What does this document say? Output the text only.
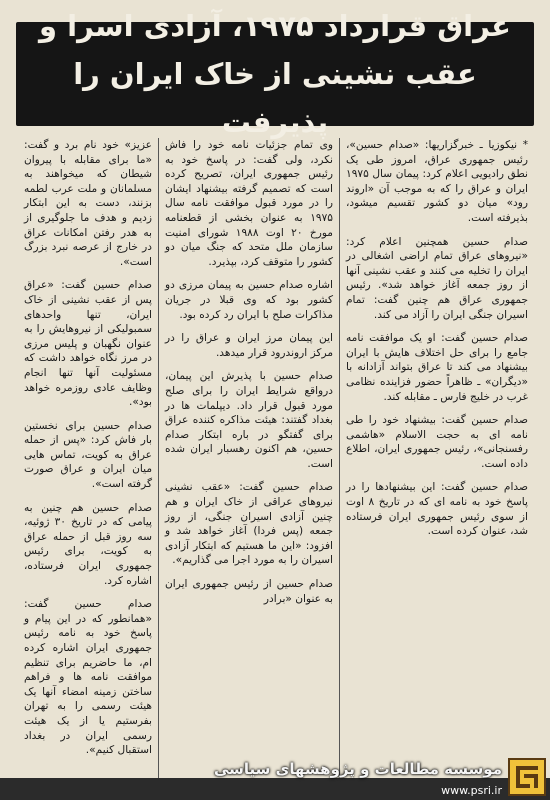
عراق قرارداد ۱۹۷۵، آزادی اسرا و
عقب نشینی از خاک ایران را پذیرفت

* نیکوزیا ـ خبرگزاریها: «صدام حسین»، رئیس جمهوری عراق، امروز طی یک نطق رادیویی اعلام کرد: پیمان سال ۱۹۷۵ ایران و عراق را که به موجب آن «اروند رود» میان دو کشور تقسیم میشود، بذیرفته است.

صدام حسین همچنین اعلام کرد: «نیروهای عراق تمام اراضی اشغالی در ایران را تخلیه می کنند و عقب نشینی آنها از روز جمعه آغاز خواهد شد». رئیس جمهوری عراق هم چنین گفت: تمام اسیران جنگی ایران را آزاد می کند.

صدام حسین گفت: او یک موافقت نامه جامع را برای حل اختلاف هایش با ایران بیشنهاد می کند تا عراق بتواند آزادانه با «دیگران» ـ ظاهراً حضور فزاینده نظامی غرب در خلیج فارس ـ مقابله کند.

صدام حسین گفت: بیشنهاد خود را طی نامه ای به حجت الاسلام «هاشمی رفسنجانی»، رئیس جمهوری ایران، اطلاع داده است.

صدام حسین گفت: این بیشنهادها را در پاسخ خود به نامه ای که در تاریخ ۸ اوت از سوی رئیس جمهوری ایران فرستاده شد، عنوان کرده است.

وی تمام جزئیات نامه خود را فاش نکرد، ولی گفت: در پاسخ خود به رئیس جمهوری ایران، تصریح کرده است که تصمیم گرفته بیشنهاد ایشان را در مورد قبول موافقت نامه سال ۱۹۷۵ به عنوان بخشی از قطعنامه مورخ ۲۰ اوت ۱۹۸۸ شورای امنیت سازمان ملل متحد که جنگ میان دو کشور را متوقف کرد، بپذیرد.

اشاره صدام حسین به پیمان مرزی دو کشور بود که وی قبلا در جریان مذاکرات صلح با ایران رد کرده بود.

این پیمان مرز ایران و عراق را در مرکز اروندرود قرار میدهد.

صدام حسین با پذیرش این پیمان، درواقع شرایط ایران را برای صلح مورد قبول قرار داد. دیپلمات ها در بغداد گفتند: هیئت مذاکره کننده عراق برای گفتگو در باره ابتکار صدام حسین، هم اکنون رهسبار ایران شده است.

صدام حسین گفت: «عقب نشینی نیروهای عراقی از خاک ایران و هم چنین آزادی اسیران جنگی، از روز جمعه (پس فردا) آغاز خواهد شد و افزود: «این ما هستیم که ابتکار آزادی اسیران را به مورد اجرا می گذاریم».

صدام حسین از رئیس جمهوری ایران به عنوان «برادر

عزیز» خود نام برد و گفت: «ما برای مقابله با پیروان شیطان که میخواهند به مسلمانان و ملت عرب لطمه بزنند، دست به این ابتکار زدیم و هدف ما جلوگیری از به هدر رفتن امکانات عراق در خارج از عرصه نبرد بزرگ است».

صدام حسین گفت: «عراق پس از عقب نشینی از خاک ایران، تنها واحدهای سمبولیکی از نیروهایش را به عنوان نگهبان و پلیس مرزی در مرز نگاه خواهد داشت که مسئولیت آنها تنها انجام وظایف عادی روزمره خواهد بود».

صدام حسین برای نخستین بار فاش کرد: «پس از حمله عراق به کویت، تماس هایی میان ایران و عراق صورت گرفته است».

صدام حسین هم چنین به پیامی که در تاریخ ۳۰ ژوئیه، سه روز قبل از حمله عراق به کویت، برای رئیس جمهوری ایران فرستاده، اشاره کرد.

صدام حسین گفت: «همانطور که در این پیام و پاسخ خود به نامه رئیس جمهوری ایران اشاره کرده ام، ما حاضریم برای تنظیم موافقت نامه ها و فراهم ساختن زمینه امضاء آنها یک هیئت رسمی را به تهران بفرستیم یا از یک هیئت رسمی ایران در بغداد استقبال کنیم».

موسسه مطالعات و پژوهشهای سیاسی
www.psri.ir
